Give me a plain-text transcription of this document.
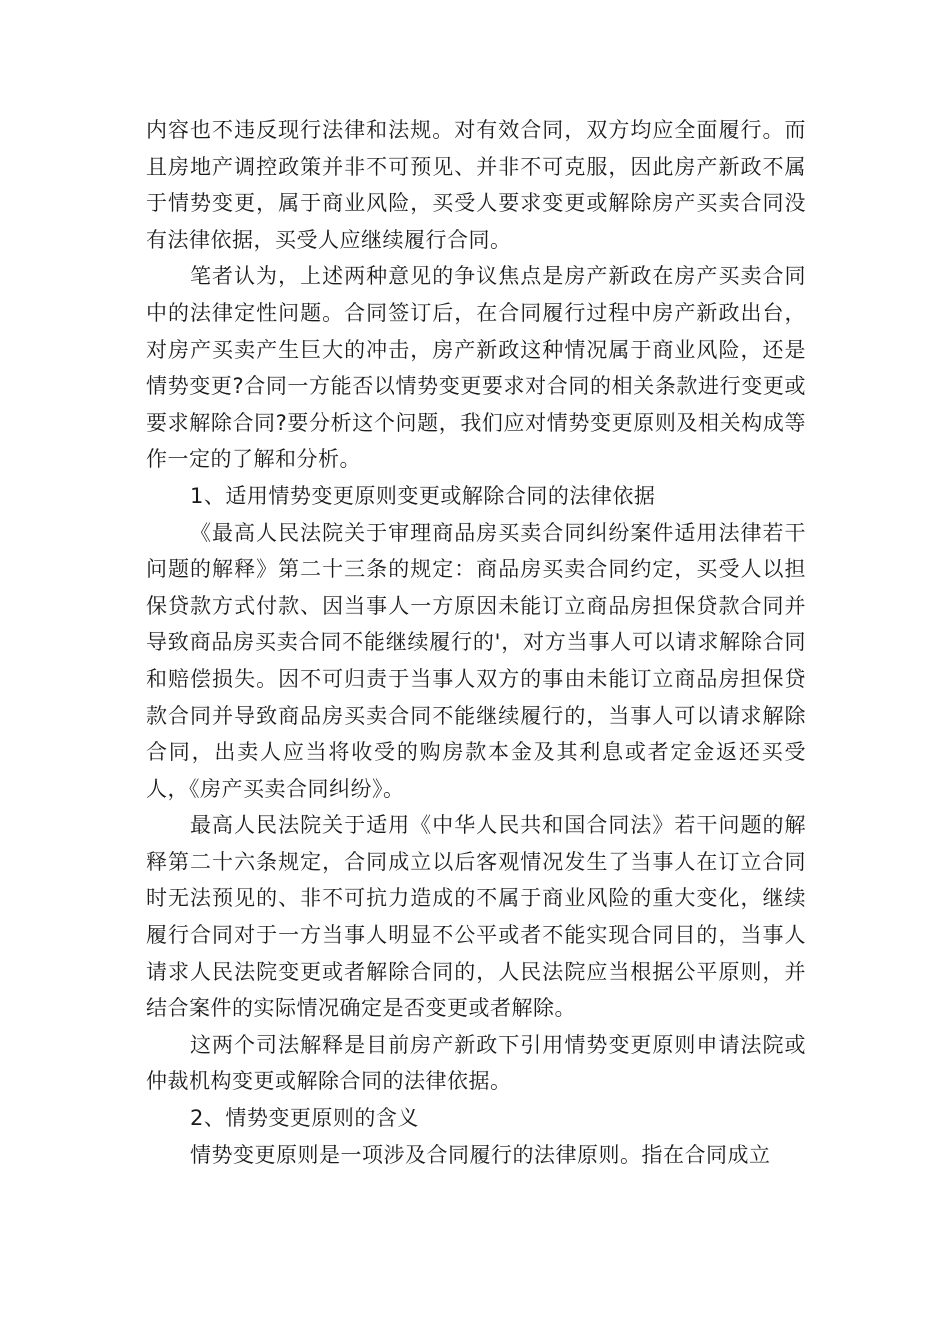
内容也不违反现行法律和法规。对有效合同，双方均应全面履行。而且房地产调控政策并非不可预见、并非不可克服，因此房产新政不属于情势变更，属于商业风险，买受人要求变更或解除房产买卖合同没有法律依据，买受人应继续履行合同。

笔者认为，上述两种意见的争议焦点是房产新政在房产买卖合同中的法律定性问题。合同签订后，在合同履行过程中房产新政出台，对房产买卖产生巨大的冲击，房产新政这种情况属于商业风险，还是情势变更?合同一方能否以情势变更要求对合同的相关条款进行变更或要求解除合同?要分析这个问题，我们应对情势变更原则及相关构成等作一定的了解和分析。

1、适用情势变更原则变更或解除合同的法律依据

《最高人民法院关于审理商品房买卖合同纠纷案件适用法律若干问题的解释》第二十三条的规定：商品房买卖合同约定，买受人以担保贷款方式付款、因当事人一方原因未能订立商品房担保贷款合同并导致商品房买卖合同不能继续履行的'，对方当事人可以请求解除合同和赔偿损失。因不可归责于当事人双方的事由未能订立商品房担保贷款合同并导致商品房买卖合同不能继续履行的，当事人可以请求解除合同，出卖人应当将收受的购房款本金及其利息或者定金返还买受人，《房产买卖合同纠纷》。

最高人民法院关于适用《中华人民共和国合同法》若干问题的解释第二十六条规定，合同成立以后客观情况发生了当事人在订立合同时无法预见的、非不可抗力造成的不属于商业风险的重大变化，继续履行合同对于一方当事人明显不公平或者不能实现合同目的，当事人请求人民法院变更或者解除合同的，人民法院应当根据公平原则，并结合案件的实际情况确定是否变更或者解除。

这两个司法解释是目前房产新政下引用情势变更原则申请法院或仲裁机构变更或解除合同的法律依据。

2、情势变更原则的含义

情势变更原则是一项涉及合同履行的法律原则。指在合同成立
